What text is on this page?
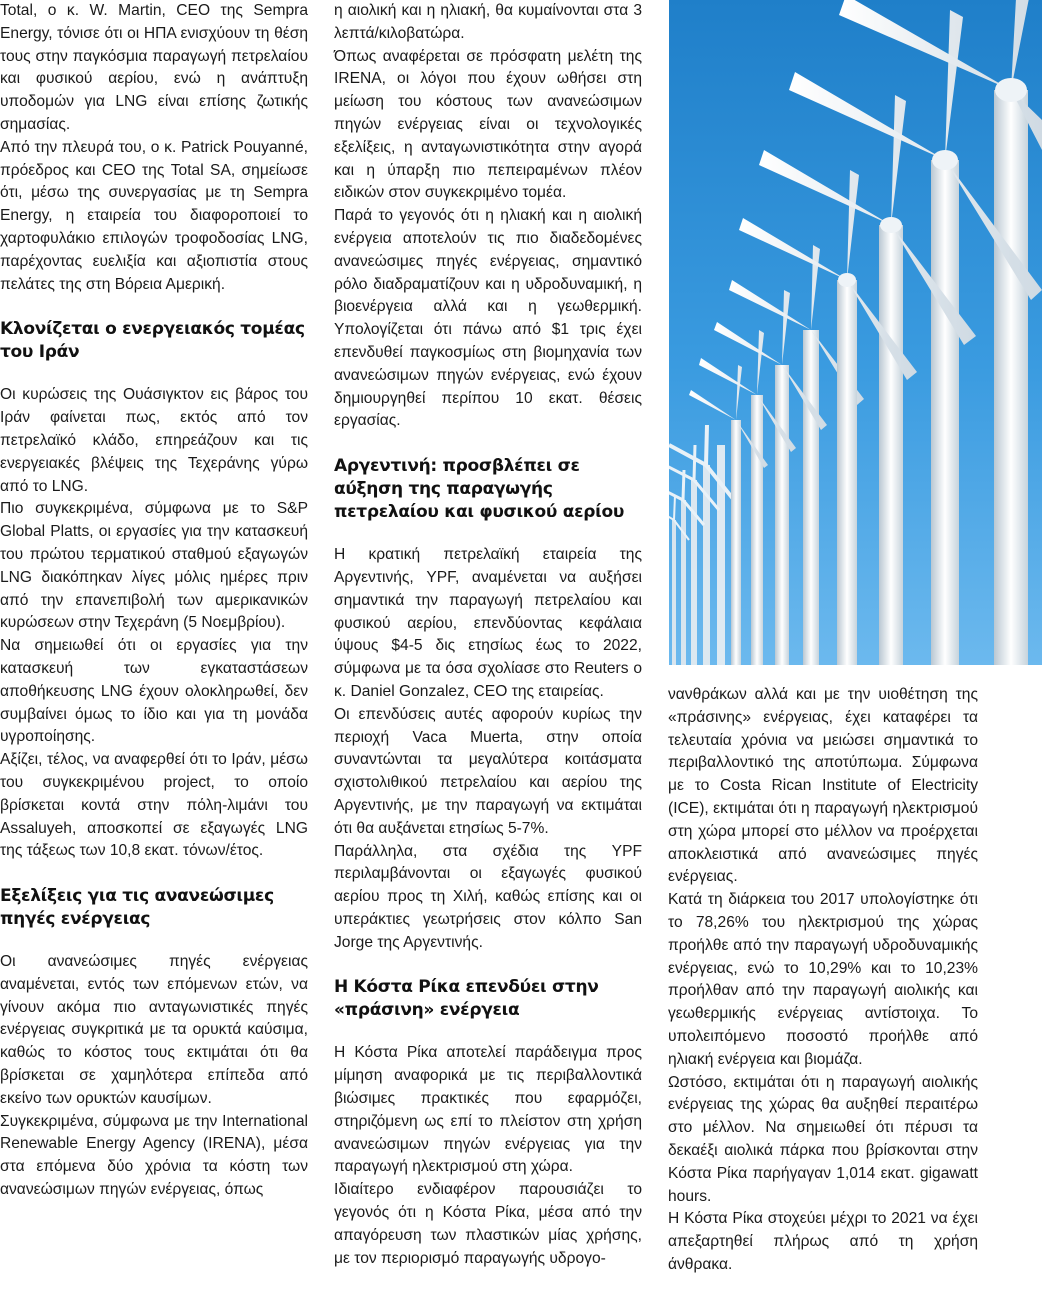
Total, ο κ. W. Martin, CEO της Sempra Energy, τόνισε ότι οι ΗΠΑ ενισχύουν τη θέση τους στην παγκόσμια παραγωγή πετρελαίου και φυσικού αερίου, ενώ η ανάπτυξη υποδομών για LNG είναι επίσης ζωτικής σημασίας.

Από την πλευρά του, ο κ. Patrick Pouyanné, πρόεδρος και CEO της Total SA, σημείωσε ότι, μέσω της συνεργασίας με τη Sempra Energy, η εταιρεία του διαφοροποιεί το χαρτοφυλάκιο επιλογών τροφοδοσίας LNG, παρέχοντας ευελιξία και αξιοπιστία στους πελάτες της στη Βόρεια Αμερική.

Κλονίζεται ο ενεργειακός τομέας του Ιράν

Οι κυρώσεις της Ουάσιγκτον εις βάρος του Ιράν φαίνεται πως, εκτός από τον πετρελαϊκό κλάδο, επηρεάζουν και τις ενεργειακές βλέψεις της Τεχεράνης γύρω από το LNG.

Πιο συγκεκριμένα, σύμφωνα με το S&P Global Platts, οι εργασίες για την κατασκευή του πρώτου τερματικού σταθμού εξαγωγών LNG διακόπηκαν λίγες μόλις ημέρες πριν από την επανεπιβολή των αμερικανικών κυρώσεων στην Τεχεράνη (5 Νοεμβρίου).

Να σημειωθεί ότι οι εργασίες για την κατασκευή των εγκαταστάσεων αποθήκευσης LNG έχουν ολοκληρωθεί, δεν συμβαίνει όμως το ίδιο και για τη μονάδα υγροποίησης.

Αξίζει, τέλος, να αναφερθεί ότι το Ιράν, μέσω του συγκεκριμένου project, το οποίο βρίσκεται κοντά στην πόλη-λιμάνι του Assaluyeh, αποσκοπεί σε εξαγωγές LNG της τάξεως των 10,8 εκατ. τόνων/έτος.

Εξελίξεις για τις ανανεώσιμες πηγές ενέργειας

Οι ανανεώσιμες πηγές ενέργειας αναμένεται, εντός των επόμενων ετών, να γίνουν ακόμα πιο ανταγωνιστικές πηγές ενέργειας συγκριτικά με τα ορυκτά καύσιμα, καθώς το κόστος τους εκτιμάται ότι θα βρίσκεται σε χαμηλότερα επίπεδα από εκείνο των ορυκτών καυσίμων.

Συγκεκριμένα, σύμφωνα με την International Renewable Energy Agency (IRENA), μέσα στα επόμενα δύο χρόνια τα κόστη των ανανεώσιμων πηγών ενέργειας, όπως

η αιολική και η ηλιακή, θα κυμαίνονται στα 3 λεπτά/κιλοβατώρα.

Όπως αναφέρεται σε πρόσφατη μελέτη της IRENA, οι λόγοι που έχουν ωθήσει στη μείωση του κόστους των ανανεώσιμων πηγών ενέργειας είναι οι τεχνολογικές εξελίξεις, η ανταγωνιστικότητα στην αγορά και η ύπαρξη πιο πεπειραμένων πλέον ειδικών στον συγκεκριμένο τομέα.

Παρά το γεγονός ότι η ηλιακή και η αιολική ενέργεια αποτελούν τις πιο διαδεδομένες ανανεώσιμες πηγές ενέργειας, σημαντικό ρόλο διαδραματίζουν και η υδροδυναμική, η βιοενέργεια αλλά και η γεωθερμική. Υπολογίζεται ότι πάνω από $1 τρις έχει επενδυθεί παγκοσμίως στη βιομηχανία των ανανεώσιμων πηγών ενέργειας, ενώ έχουν δημιουργηθεί περίπου 10 εκατ. θέσεις εργασίας.

Αργεντινή: προσβλέπει σε αύξηση της παραγωγής πετρελαίου και φυσικού αερίου

Η κρατική πετρελαϊκή εταιρεία της Αργεντινής, YPF, αναμένεται να αυξήσει σημαντικά την παραγωγή πετρελαίου και φυσικού αερίου, επενδύοντας κεφάλαια ύψους $4-5 δις ετησίως έως το 2022, σύμφωνα με τα όσα σχολίασε στο Reuters ο κ. Daniel Gonzalez, CEO της εταιρείας.

Οι επενδύσεις αυτές αφορούν κυρίως την περιοχή Vaca Muerta, στην οποία συναντώνται τα μεγαλύτερα κοιτάσματα σχιστολιθικού πετρελαίου και αερίου της Αργεντινής, με την παραγωγή να εκτιμάται ότι θα αυξάνεται ετησίως 5-7%.

Παράλληλα, στα σχέδια της YPF περιλαμβάνονται οι εξαγωγές φυσικού αερίου προς τη Χιλή, καθώς επίσης και οι υπεράκτιες γεωτρήσεις στον κόλπο San Jorge της Αργεντινής.

Η Κόστα Ρίκα επενδύει στην «πράσινη» ενέργεια

Η Κόστα Ρίκα αποτελεί παράδειγμα προς μίμηση αναφορικά με τις περιβαλλοντικά βιώσιμες πρακτικές που εφαρμόζει, στηριζόμενη ως επί το πλείστον στη χρήση ανανεώσιμων πηγών ενέργειας για την παραγωγή ηλεκτρισμού στη χώρα.

Ιδιαίτερο ενδιαφέρον παρουσιάζει το γεγονός ότι η Κόστα Ρίκα, μέσα από την απαγόρευση των πλαστικών μίας χρήσης, με τον περιορισμό παραγωγής υδρογο-

νανθράκων αλλά και με την υιοθέτηση της «πράσινης» ενέργειας, έχει καταφέρει τα τελευταία χρόνια να μειώσει σημαντικά το περιβαλλοντικό της αποτύπωμα. Σύμφωνα με το Costa Rican Institute of Electricity (ICE), εκτιμάται ότι η παραγωγή ηλεκτρισμού στη χώρα μπορεί στο μέλλον να προέρχεται αποκλειστικά από ανανεώσιμες πηγές ενέργειας.

Κατά τη διάρκεια του 2017 υπολογίστηκε ότι το 78,26% του ηλεκτρισμού της χώρας προήλθε από την παραγωγή υδροδυναμικής ενέργειας, ενώ το 10,29% και το 10,23% προήλθαν από την παραγωγή αιολικής και γεωθερμικής ενέργειας αντίστοιχα. Το υπολειπόμενο ποσοστό προήλθε από ηλιακή ενέργεια και βιομάζα.

Ωστόσο, εκτιμάται ότι η παραγωγή αιολικής ενέργειας της χώρας θα αυξηθεί περαιτέρω στο μέλλον. Να σημειωθεί ότι πέρυσι τα δεκαέξι αιολικά πάρκα που βρίσκονται στην Κόστα Ρίκα παρήγαγαν 1,014 εκατ. gigawatt hours.

Η Κόστα Ρίκα στοχεύει μέχρι το 2021 να έχει απεξαρτηθεί πλήρως από τη χρήση άνθρακα.
